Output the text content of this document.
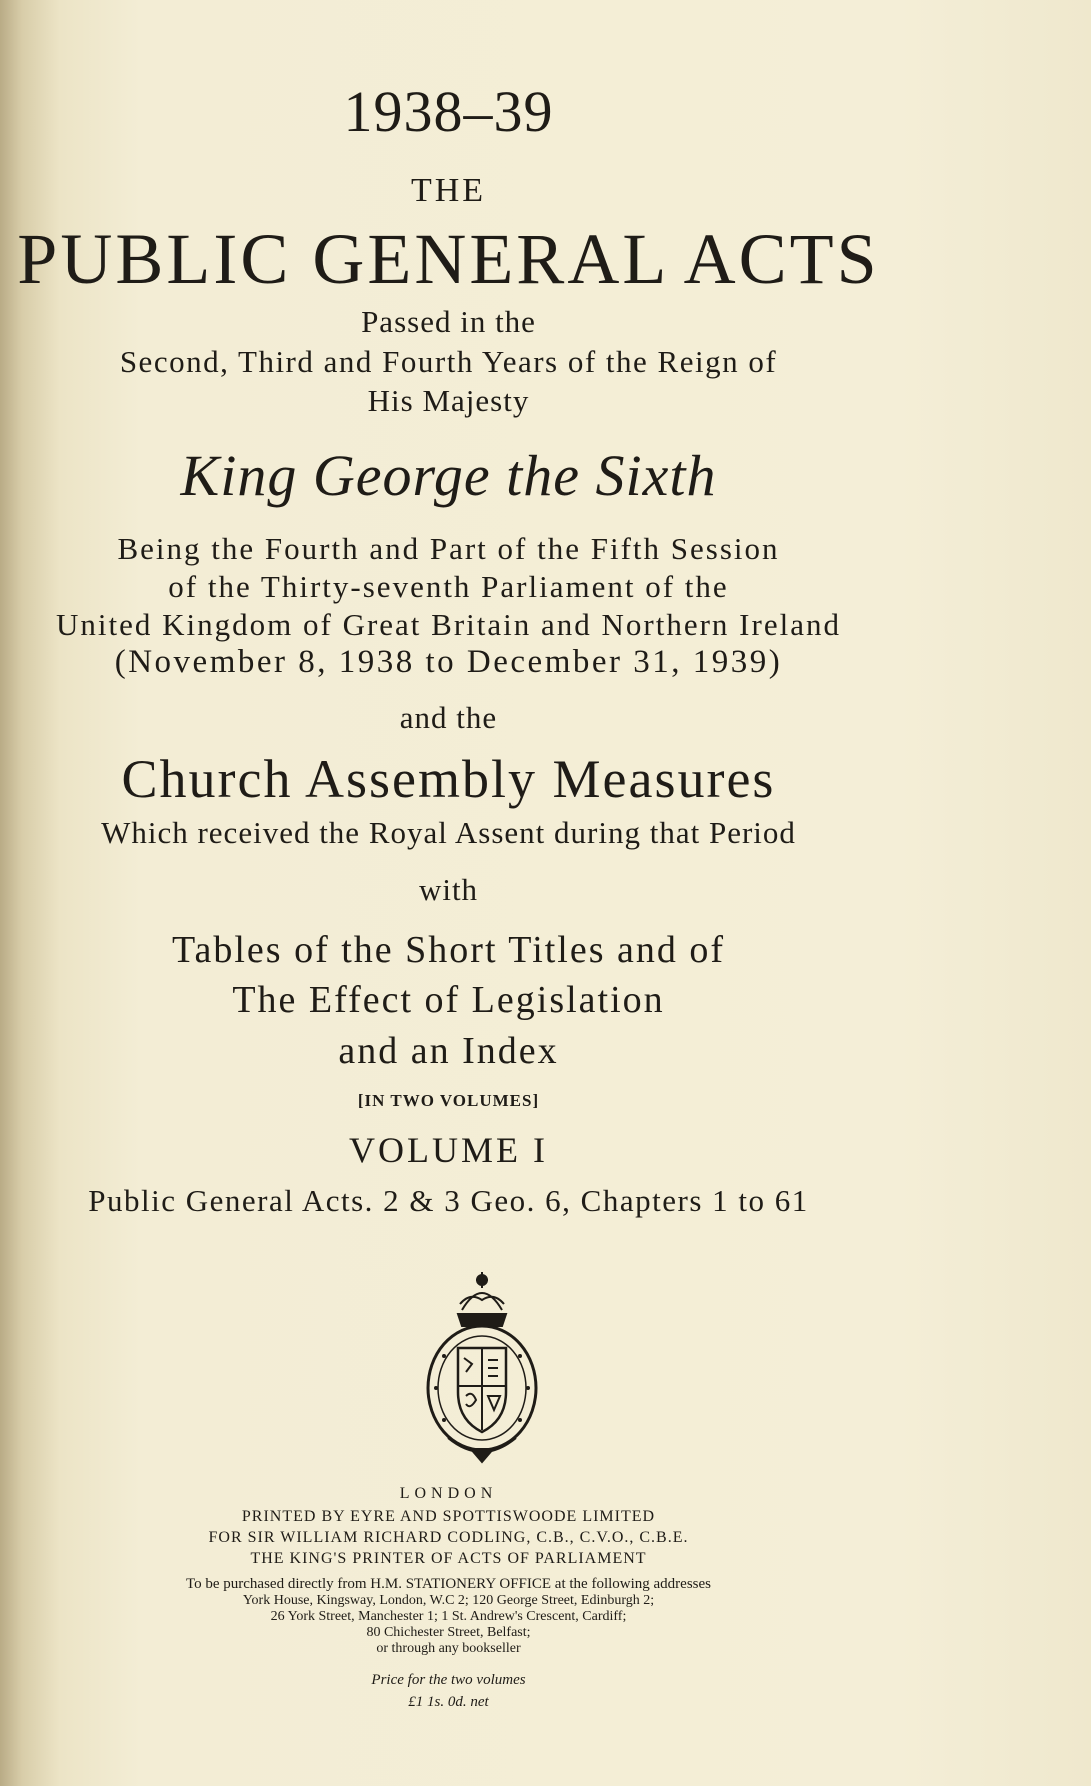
1938–39
THE
PUBLIC GENERAL ACTS
Passed in the
Second, Third and Fourth Years of the Reign of
His Majesty
King George the Sixth
Being the Fourth and Part of the Fifth Session
of the Thirty-seventh Parliament of the
United Kingdom of Great Britain and Northern Ireland
(November 8, 1938 to December 31, 1939)
and the
Church Assembly Measures
Which received the Royal Assent during that Period
with
Tables of the Short Titles and of
The Effect of Legislation
and an Index
[IN TWO VOLUMES]
VOLUME I
Public General Acts. 2 & 3 Geo. 6, Chapters 1 to 61
LONDON
PRINTED BY EYRE AND SPOTTISWOODE LIMITED
FOR SIR WILLIAM RICHARD CODLING, C.B., C.V.O., C.B.E.
THE KING'S PRINTER OF ACTS OF PARLIAMENT
To be purchased directly from H.M. STATIONERY OFFICE at the following addresses
York House, Kingsway, London, W.C 2; 120 George Street, Edinburgh 2;
26 York Street, Manchester 1; 1 St. Andrew's Crescent, Cardiff;
80 Chichester Street, Belfast;
or through any bookseller
Price for the two volumes
£1 1s. 0d. net
